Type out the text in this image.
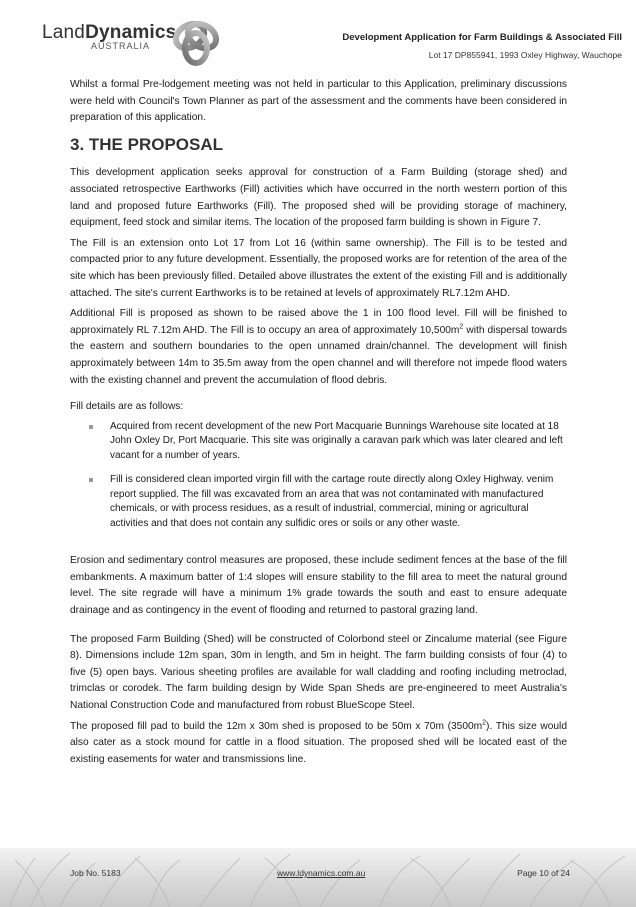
LandDynamics
AUSTRALIA
Development Application for Farm Buildings & Associated Fill
Lot 17 DP855941, 1993 Oxley Highway, Wauchope

Whilst a formal Pre-lodgement meeting was not held in particular to this Application, preliminary discussions were held with Council's Town Planner as part of the assessment and the comments have been considered in preparation of this application.

3. THE PROPOSAL

This development application seeks approval for construction of a Farm Building (storage shed) and associated retrospective Earthworks (Fill) activities which have occurred in the north western portion of this land and proposed future Earthworks (Fill). The proposed shed will be providing storage of machinery, equipment, feed stock and similar items. The location of the proposed farm building is shown in Figure 7.

The Fill is an extension onto Lot 17 from Lot 16 (within same ownership). The Fill is to be tested and compacted prior to any future development. Essentially, the proposed works are for retention of the area of the site which has been previously filled. Detailed above illustrates the extent of the existing Fill and is additionally attached. The site's current Earthworks is to be retained at levels of approximately RL7.12m AHD.

Additional Fill is proposed as shown to be raised above the 1 in 100 flood level. Fill will be finished to approximately RL 7.12m AHD. The Fill is to occupy an area of approximately $10,500m^2$ with dispersal towards the eastern and southern boundaries to the open unnamed drain/channel. The development will finish approximately between 14m to 35.5m away from the open channel and will therefore not impede flood waters with the existing channel and prevent the accumulation of flood debris.

Fill details are as follows:

Acquired from recent development of the new Port Macquarie Bunnings Warehouse site located at 18 John Oxley Dr, Port Macquarie. This site was originally a caravan park which was later cleared and left vacant for a number of years.
Fill is considered clean imported virgin fill with the cartage route directly along Oxley Highway. venim report supplied. The fill was excavated from an area that was not contaminated with manufactured chemicals, or with process residues, as a result of industrial, commercial, mining or agricultural activities and that does not contain any sulfidic ores or soils or any other waste.

Erosion and sedimentary control measures are proposed, these include sediment fences at the base of the fill embankments. A maximum batter of 1:4 slopes will ensure stability to the fill area to meet the natural ground level. The site regrade will have a minimum 1% grade towards the south and east to ensure adequate drainage and as contingency in the event of flooding and returned to pastoral grazing land.

The proposed Farm Building (Shed) will be constructed of Colorbond steel or Zincalume material (see Figure 8). Dimensions include 12m span, 30m in length, and 5m in height. The farm building consists of four (4) to five (5) open bays. Various sheeting profiles are available for wall cladding and roofing including metroclad, trimclas or corodek. The farm building design by Wide Span Sheds are pre-engineered to meet Australia's National Construction Code and manufactured from robust BlueScope Steel.

The proposed fill pad to build the 12m x 30m shed is proposed to be 50m x 70m $(3500m^2)$. This size would also cater as a stock mound for cattle in a flood situation. The proposed shed will be located east of the existing easements for water and transmissions line.

Job No. 5183	www.ldynamics.com.au	Page 10 of 24
